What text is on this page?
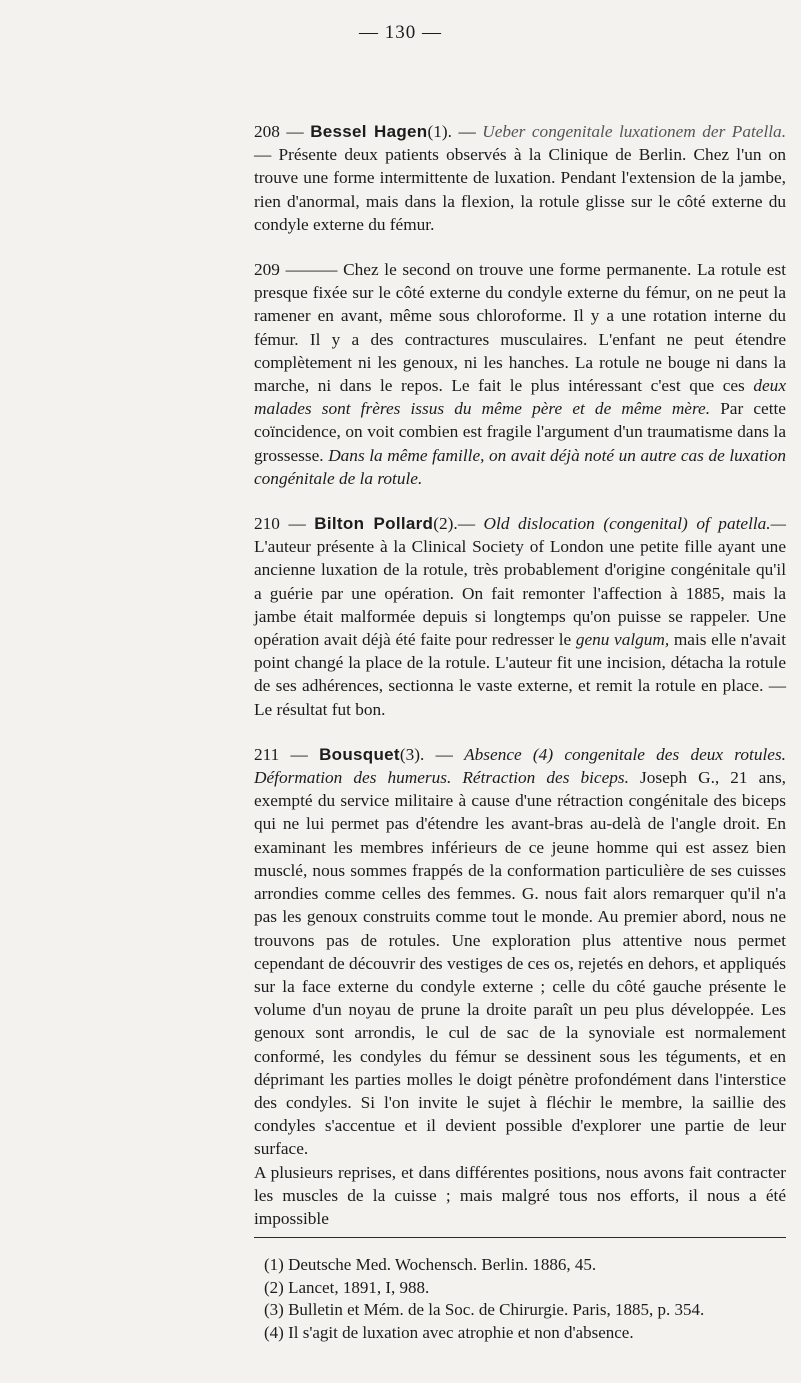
— 130 —

208 — Bessel Hagen(1). — Ueber congenitale luxationem der Patella. — Présente deux patients observés à la Clinique de Berlin. Chez l'un on trouve une forme intermittente de luxation. Pendant l'extension de la jambe, rien d'anormal, mais dans la flexion, la rotule glisse sur le côté externe du condyle externe du fémur.

209 ——— Chez le second on trouve une forme permanente. La rotule est presque fixée sur le côté externe du condyle externe du fémur, on ne peut la ramener en avant, même sous chloroforme. Il y a une rotation interne du fémur. Il y a des contractures musculaires. L'enfant ne peut étendre complètement ni les genoux, ni les hanches. La rotule ne bouge ni dans la marche, ni dans le repos. Le fait le plus intéressant c'est que ces deux malades sont frères issus du même père et de même mère. Par cette coïncidence, on voit combien est fragile l'argument d'un traumatisme dans la grossesse. Dans la même famille, on avait déjà noté un autre cas de luxation congénitale de la rotule.

210 — Bilton Pollard(2).— Old dislocation (congenital) of patella.— L'auteur présente à la Clinical Society of London une petite fille ayant une ancienne luxation de la rotule, très probablement d'origine congénitale qu'il a guérie par une opération. On fait remonter l'affection à 1885, mais la jambe était malformée depuis si longtemps qu'on puisse se rappeler. Une opération avait déjà été faite pour redresser le genu valgum, mais elle n'avait point changé la place de la rotule. L'auteur fit une incision, détacha la rotule de ses adhérences, sectionna le vaste externe, et remit la rotule en place. — Le résultat fut bon.

211 — Bousquet(3). — Absence (4) congenitale des deux rotules. Déformation des humerus. Rétraction des biceps. Joseph G., 21 ans, exempté du service militaire à cause d'une rétraction congénitale des biceps qui ne lui permet pas d'étendre les avant-bras au-delà de l'angle droit. En examinant les membres inférieurs de ce jeune homme qui est assez bien musclé, nous sommes frappés de la conformation particulière de ses cuisses arrondies comme celles des femmes. G. nous fait alors remarquer qu'il n'a pas les genoux construits comme tout le monde. Au premier abord, nous ne trouvons pas de rotules. Une exploration plus attentive nous permet cependant de découvrir des vestiges de ces os, rejetés en dehors, et appliqués sur la face externe du condyle externe ; celle du côté gauche présente le volume d'un noyau de prune la droite paraît un peu plus développée. Les genoux sont arrondis, le cul de sac de la synoviale est normalement conformé, les condyles du fémur se dessinent sous les téguments, et en déprimant les parties molles le doigt pénètre profondément dans l'interstice des condyles. Si l'on invite le sujet à fléchir le membre, la saillie des condyles s'accentue et il devient possible d'explorer une partie de leur surface.

A plusieurs reprises, et dans différentes positions, nous avons fait contracter les muscles de la cuisse ; mais malgré tous nos efforts, il nous a été impossible

(1) Deutsche Med. Wochensch. Berlin. 1886, 45.
(2) Lancet, 1891, I, 988.
(3) Bulletin et Mém. de la Soc. de Chirurgie. Paris, 1885, p. 354.
(4) Il s'agit de luxation avec atrophie et non d'absence.
